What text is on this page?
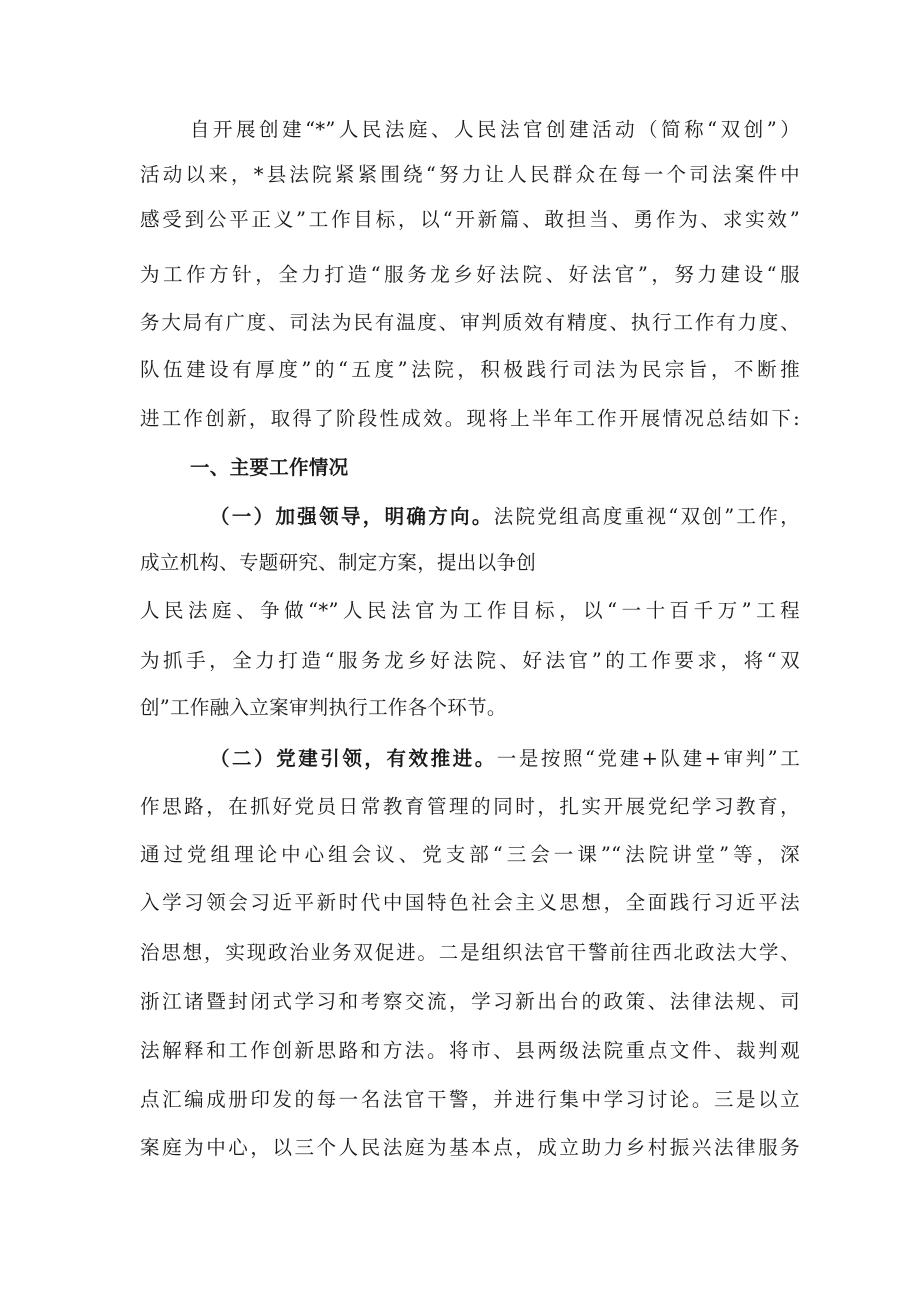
自开展创建“*”人民法庭、人民法官创建活动（简称“双创”）
活动以来，*县法院紧紧围绕“努力让人民群众在每一个司法案件中
感受到公平正义”工作目标，以“开新篇、敢担当、勇作为、求实效”
为工作方针，全力打造“服务龙乡好法院、好法官”，努力建设“服
务大局有广度、司法为民有温度、审判质效有精度、执行工作有力度、
队伍建设有厚度”的“五度”法院，积极践行司法为民宗旨，不断推
进工作创新，取得了阶段性成效。现将上半年工作开展情况总结如下:
一、主要工作情况
（一）加强领导，明确方向。法院党组高度重视“双创”工作，
成立机构、专题研究、制定方案，提出以争创
人民法庭、争做“*”人民法官为工作目标，以“一十百千万”工程
为抓手，全力打造“服务龙乡好法院、好法官”的工作要求，将“双
创”工作融入立案审判执行工作各个环节。
（二）党建引领，有效推进。一是按照“党建+队建+审判”工
作思路，在抓好党员日常教育管理的同时，扎实开展党纪学习教育，
通过党组理论中心组会议、党支部“三会一课”“法院讲堂”等，深
入学习领会习近平新时代中国特色社会主义思想，全面践行习近平法
治思想，实现政治业务双促进。二是组织法官干警前往西北政法大学、
浙江诸暨封闭式学习和考察交流，学习新出台的政策、法律法规、司
法解释和工作创新思路和方法。将市、县两级法院重点文件、裁判观
点汇编成册印发的每一名法官干警，并进行集中学习讨论。三是以立
案庭为中心，以三个人民法庭为基本点，成立助力乡村振兴法律服务
